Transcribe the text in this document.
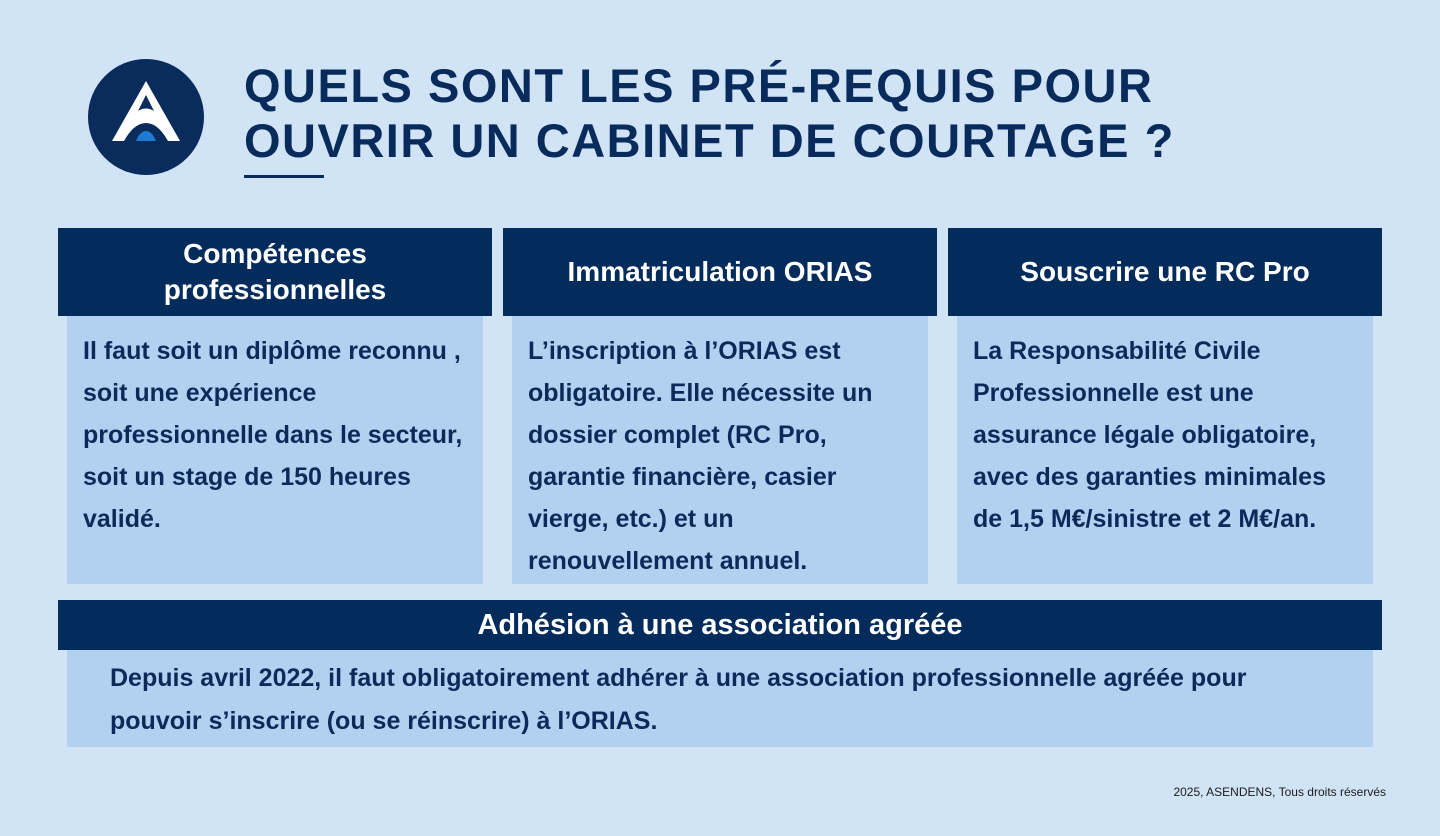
QUELS SONT LES PRÉ-REQUIS POUR
OUVRIR UN CABINET DE COURTAGE ?
Compétences
professionnelles
Il faut soit un diplôme reconnu , soit une expérience professionnelle dans le secteur, soit un stage de 150 heures validé.
Immatriculation ORIAS
L’inscription à l’ORIAS est obligatoire. Elle nécessite un dossier complet (RC Pro, garantie financière, casier vierge, etc.) et un renouvellement annuel.
Souscrire une RC Pro
La Responsabilité Civile Professionnelle est une assurance légale obligatoire, avec des garanties minimales de 1,5 M€/sinistre et 2 M€/an.
Adhésion à une association agréée
Depuis avril 2022, il faut obligatoirement adhérer à une association professionnelle agréée pour pouvoir s’inscrire (ou se réinscrire) à l’ORIAS.
2025, ASENDENS, Tous droits réservés
